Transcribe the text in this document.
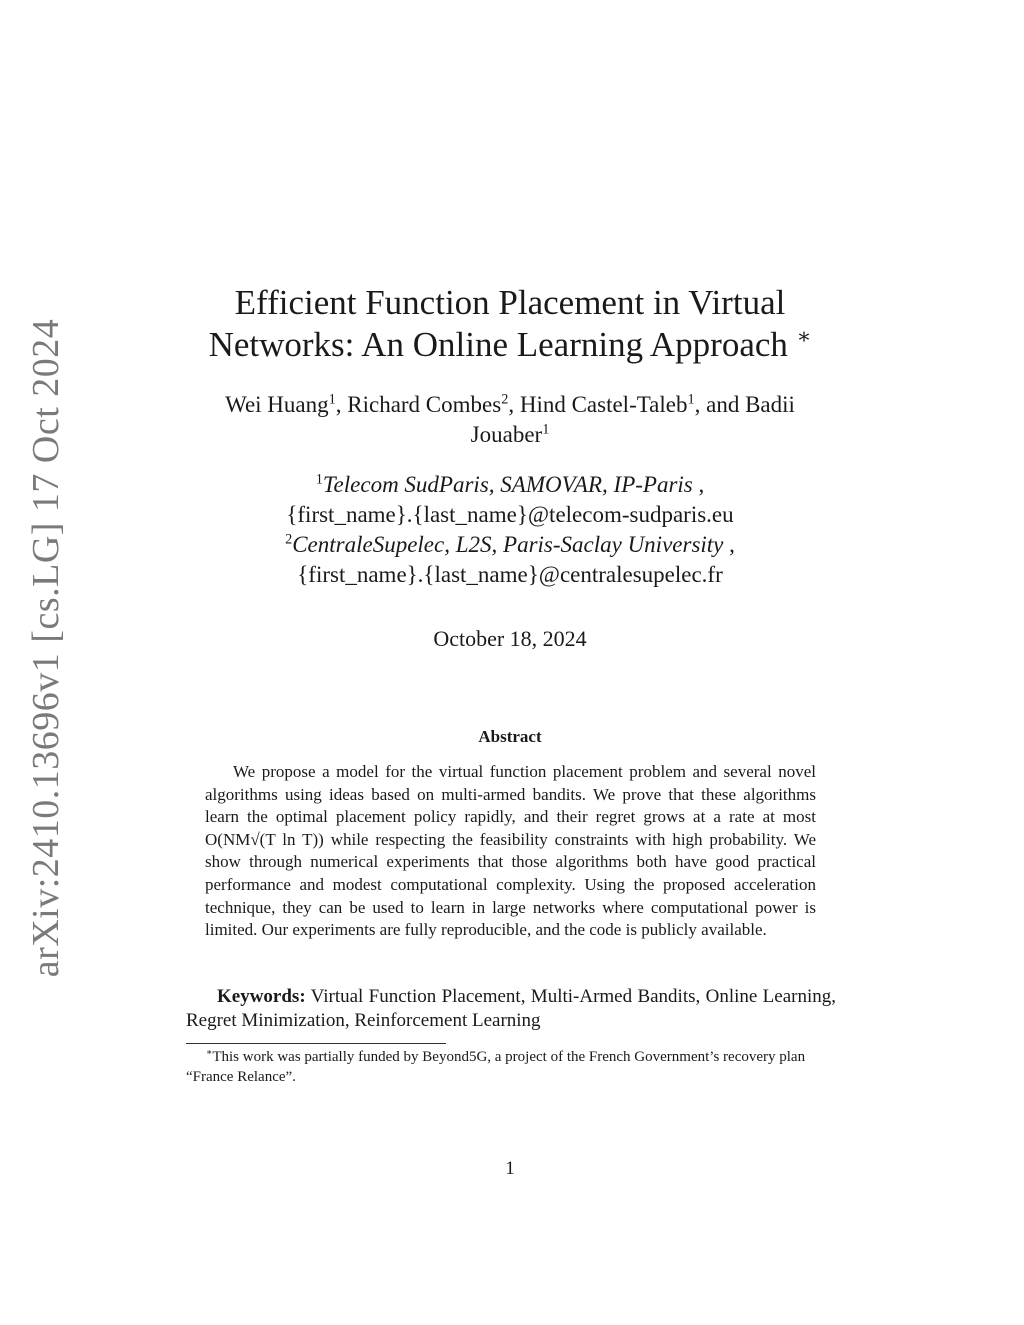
arXiv:2410.13696v1 [cs.LG] 17 Oct 2024
Efficient Function Placement in Virtual
Networks: An Online Learning Approach ∗
Wei Huang$^1$, Richard Combes$^2$, Hind Castel-Taleb$^1$, and Badii
Jouaber$^1$
$^1$Telecom SudParis, SAMOVAR, IP-Paris ,
{first_name}.{last_name}@telecom-sudparis.eu
$^2$CentraleSupelec, L2S, Paris-Saclay University ,
{first_name}.{last_name}@centralesupelec.fr
October 18, 2024
Abstract

We propose a model for the virtual function placement problem and several novel algorithms using ideas based on multi-armed bandits. We prove that these algorithms learn the optimal placement policy rapidly, and their regret grows at a rate at most O(NM√(T ln T)) while respecting the feasibility constraints with high probability. We show through numerical experiments that those algorithms both have good practical performance and modest computational complexity. Using the proposed acceleration technique, they can be used to learn in large networks where computational power is limited. Our experiments are fully reproducible, and the code is publicly available.

Keywords: Virtual Function Placement, Multi-Armed Bandits, Online Learning, Regret Minimization, Reinforcement Learning

∗This work was partially funded by Beyond5G, a project of the French Government’s recovery plan “France Relance”.

1
